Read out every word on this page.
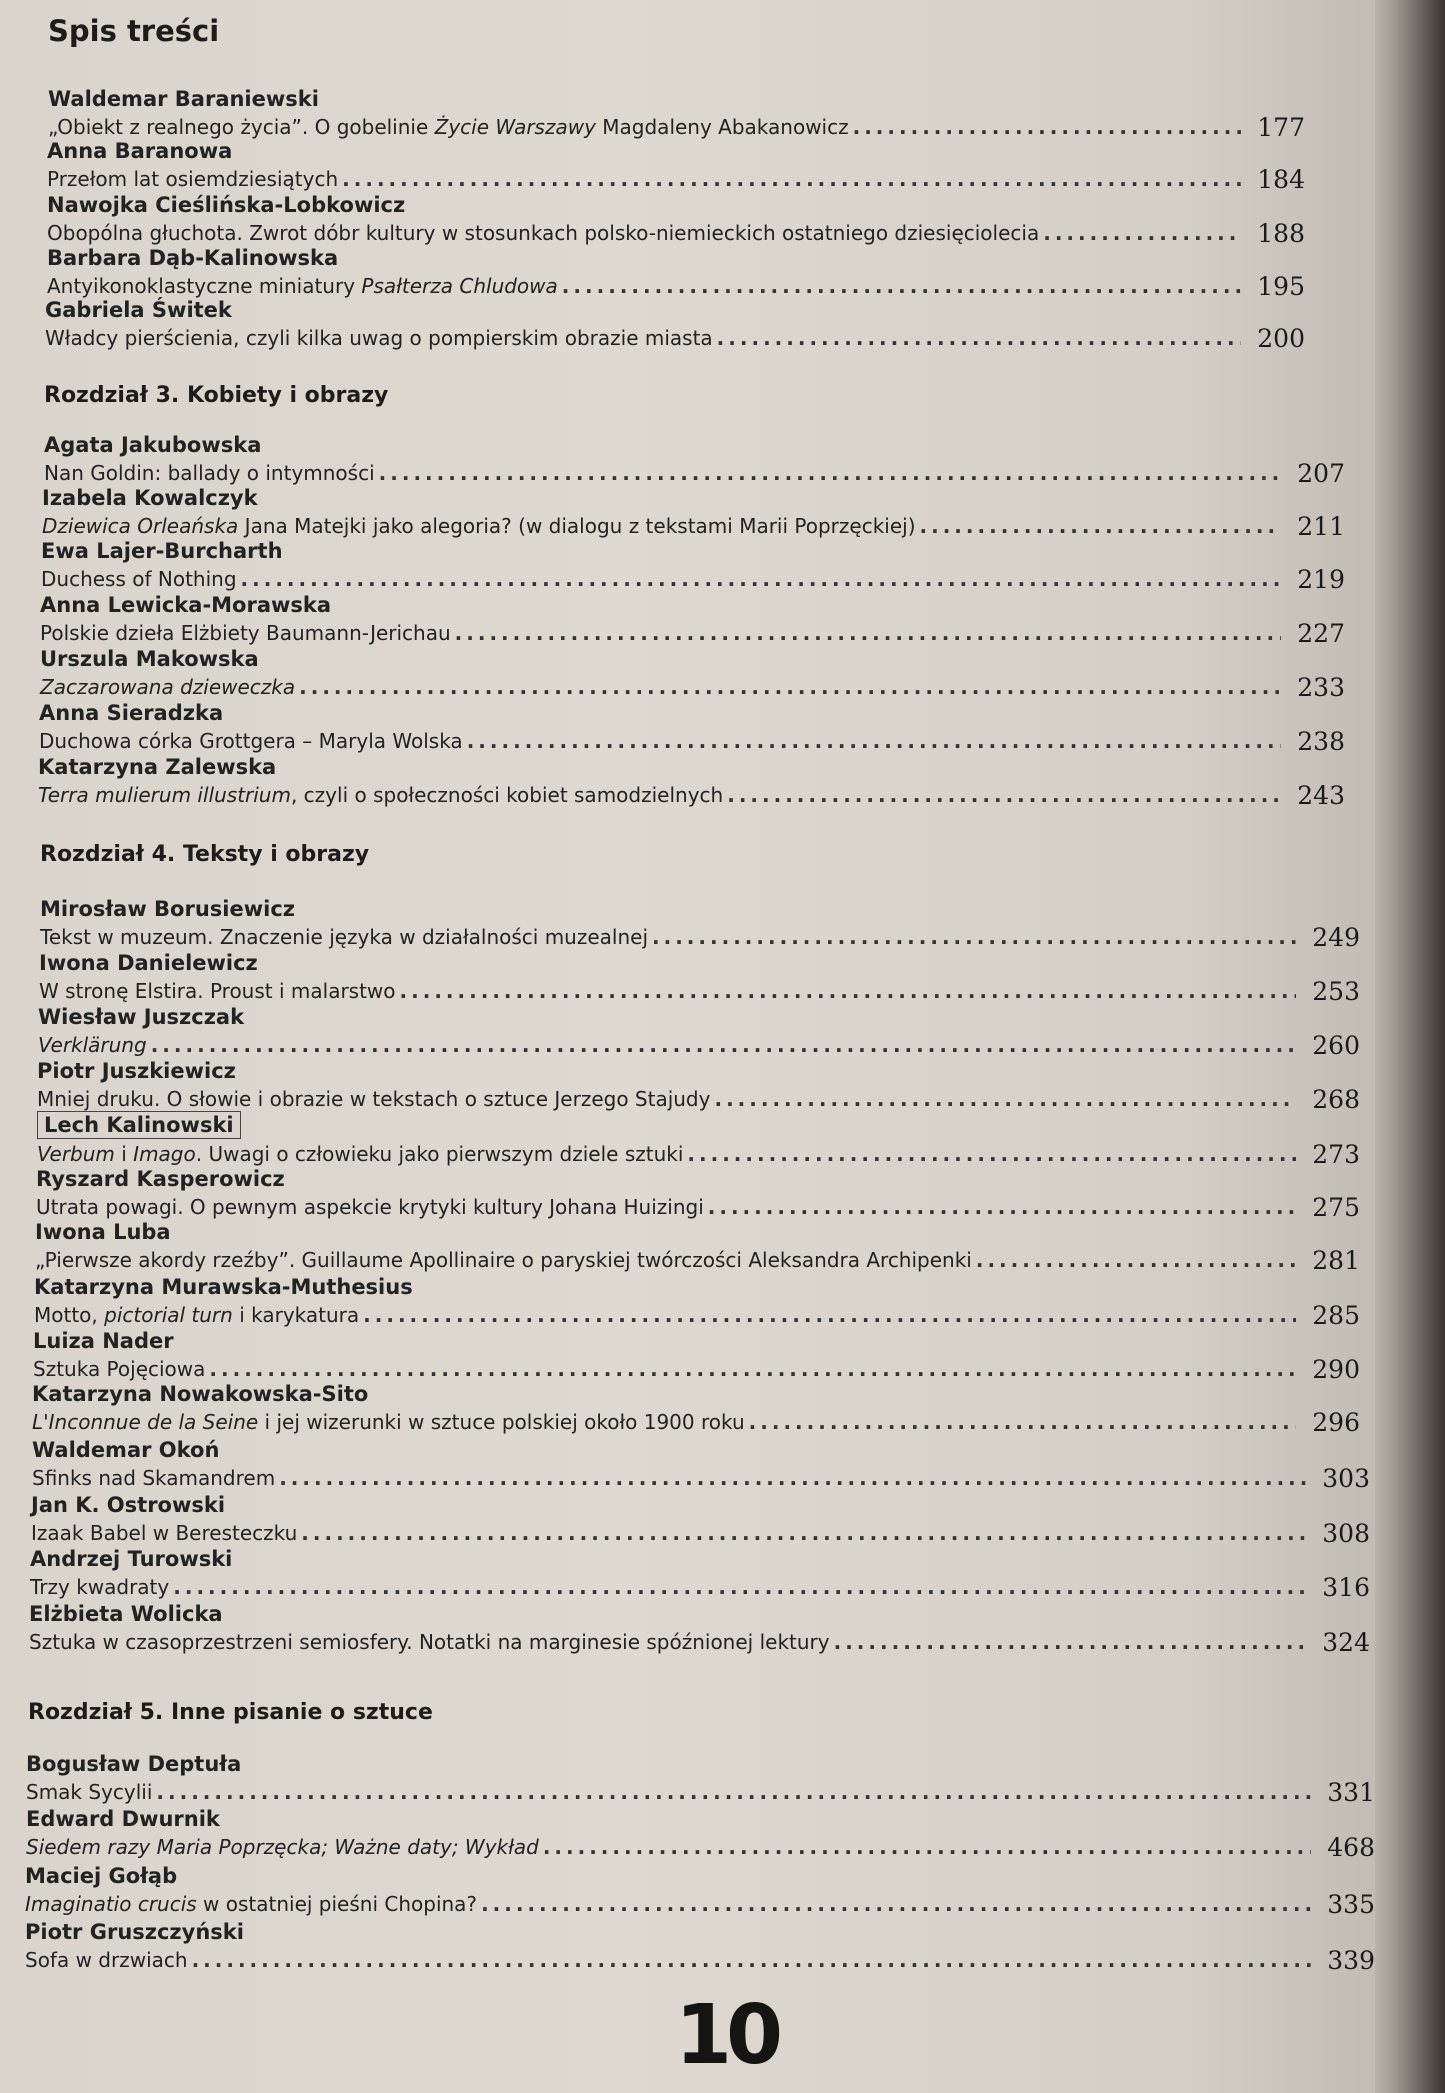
Spis treści
Rozdział 3. Kobiety i obrazy
Rozdział 4. Teksty i obrazy
Rozdział 5. Inne pisanie o sztuce
Waldemar Baraniewski
„Obiekt z realnego życia”. O gobelinie Życie Warszawy Magdaleny Abakanowicz .....	177
Anna Baranowa
Przełom lat osiemdziesiątych .....	184
Nawojka Cieślińska-Lobkowicz
Obopólna głuchota. Zwrot dóbr kultury w stosunkach polsko-niemieckich ostatniego dziesięciolecia .....	188
Barbara Dąb-Kalinowska
Antyikonoklastyczne miniatury Psałterza Chludowa .....	195
Gabriela Świtek
Władcy pierścienia, czyli kilka uwag o pompierskim obrazie miasta .....	200
Agata Jakubowska
Nan Goldin: ballady o intymności .....	207
Izabela Kowalczyk
Dziewica Orleańska Jana Matejki jako alegoria? (w dialogu z tekstami Marii Poprzęckiej) .....	211
Ewa Lajer-Burcharth
Duchess of Nothing .....	219
Anna Lewicka-Morawska
Polskie dzieła Elżbiety Baumann-Jerichau .....	227
Urszula Makowska
Zaczarowana dzieweczka .....	233
Anna Sieradzka
Duchowa córka Grottgera – Maryla Wolska .....	238
Katarzyna Zalewska
Terra mulierum illustrium, czyli o społeczności kobiet samodzielnych .....	243
Mirosław Borusiewicz
Tekst w muzeum. Znaczenie języka w działalności muzealnej .....	249
Iwona Danielewicz
W stronę Elstira. Proust i malarstwo .....	253
Wiesław Juszczak
Verklärung .....	260
Piotr Juszkiewicz
Mniej druku. O słowie i obrazie w tekstach o sztuce Jerzego Stajudy .....	268
Lech Kalinowski
Verbum i Imago. Uwagi o człowieku jako pierwszym dziele sztuki .....	273
Ryszard Kasperowicz
Utrata powagi. O pewnym aspekcie krytyki kultury Johana Huizingi .....	275
Iwona Luba
„Pierwsze akordy rzeźby”. Guillaume Apollinaire o paryskiej twórczości Aleksandra Archipenki .....	281
Katarzyna Murawska-Muthesius
Motto, pictorial turn i karykatura .....	285
Luiza Nader
Sztuka Pojęciowa .....	290
Katarzyna Nowakowska-Sito
L'Inconnue de la Seine i jej wizerunki w sztuce polskiej około 1900 roku .....	296
Waldemar Okoń
Sfinks nad Skamandrem .....	303
Jan K. Ostrowski
Izaak Babel w Beresteczku .....	308
Andrzej Turowski
Trzy kwadraty .....	316
Elżbieta Wolicka
Sztuka w czasoprzestrzeni semiosfery. Notatki na marginesie spóźnionej lektury .....	324
Bogusław Deptuła
Smak Sycylii .....	331
Edward Dwurnik
Siedem razy Maria Poprzęcka; Ważne daty; Wykład .....	468
Maciej Gołąb
Imaginatio crucis w ostatniej pieśni Chopina? .....	335
Piotr Gruszczyński
Sofa w drzwiach .....	339
10
